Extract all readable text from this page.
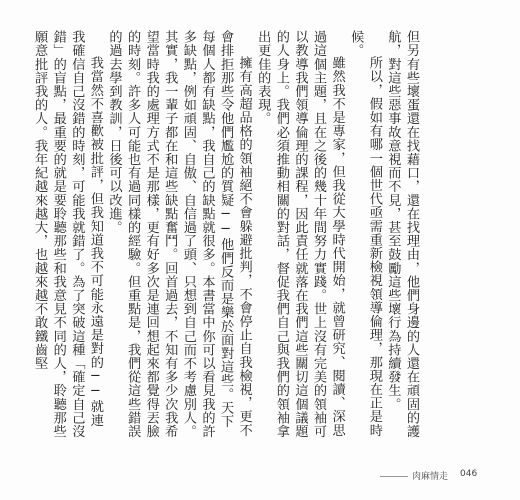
但另有些壞蛋還在找藉口，還在找理由，他們身邊的人還在頑固的護航，對這些惡事故意視而不見，甚至鼓勵這些壞行為持續發生。

所以，假如有哪一個世代亟需重新檢視領導倫理，那現在正是時候。

雖然我不是專家，但我從大學時代開始，就曾研究、閱讀、深思過這個主題，且在之後的幾十年間努力實踐。世上沒有完美的領袖可以教導我們領導倫理的課程，因此責任就落在我們這些關切這個議題的人身上。我們必須推動相關的對話，督促我們自己與我們的領袖拿出更佳的表現。

擁有高超品格的領袖絕不會躲避批判，不會停止自我檢視，更不會排拒那些令他們尷尬的質疑──他們反而是樂於面對這些。天下每個人都有缺點，我自己的缺點就很多。本書當中你可以看見我的許多缺點，例如頑固、自傲、自信過了頭、只想到自己而不考慮別人。其實，我一輩子都在和這些缺點奮鬥。回首過去，不知有多少次我希望當時我的處理方式不是那樣，更有好多次是連回想起來都覺得丟臉的時刻。許多人可能也有過同樣的經驗。但重點是，我們從這些錯誤的過去學到教訓，日後可以改進。

我當然不喜歡被批評，但我知道我不可能永遠是對的──就連我確信自己沒錯的時刻，可能我就錯了。為了突破這種「確定自己沒錯」的盲點，最重要的就是要聆聽那些和我意見不同的人，聆聽那些願意批評我的人。我年紀越來越大，也越來越不敢鐵齒堅

肉麻情走 046
